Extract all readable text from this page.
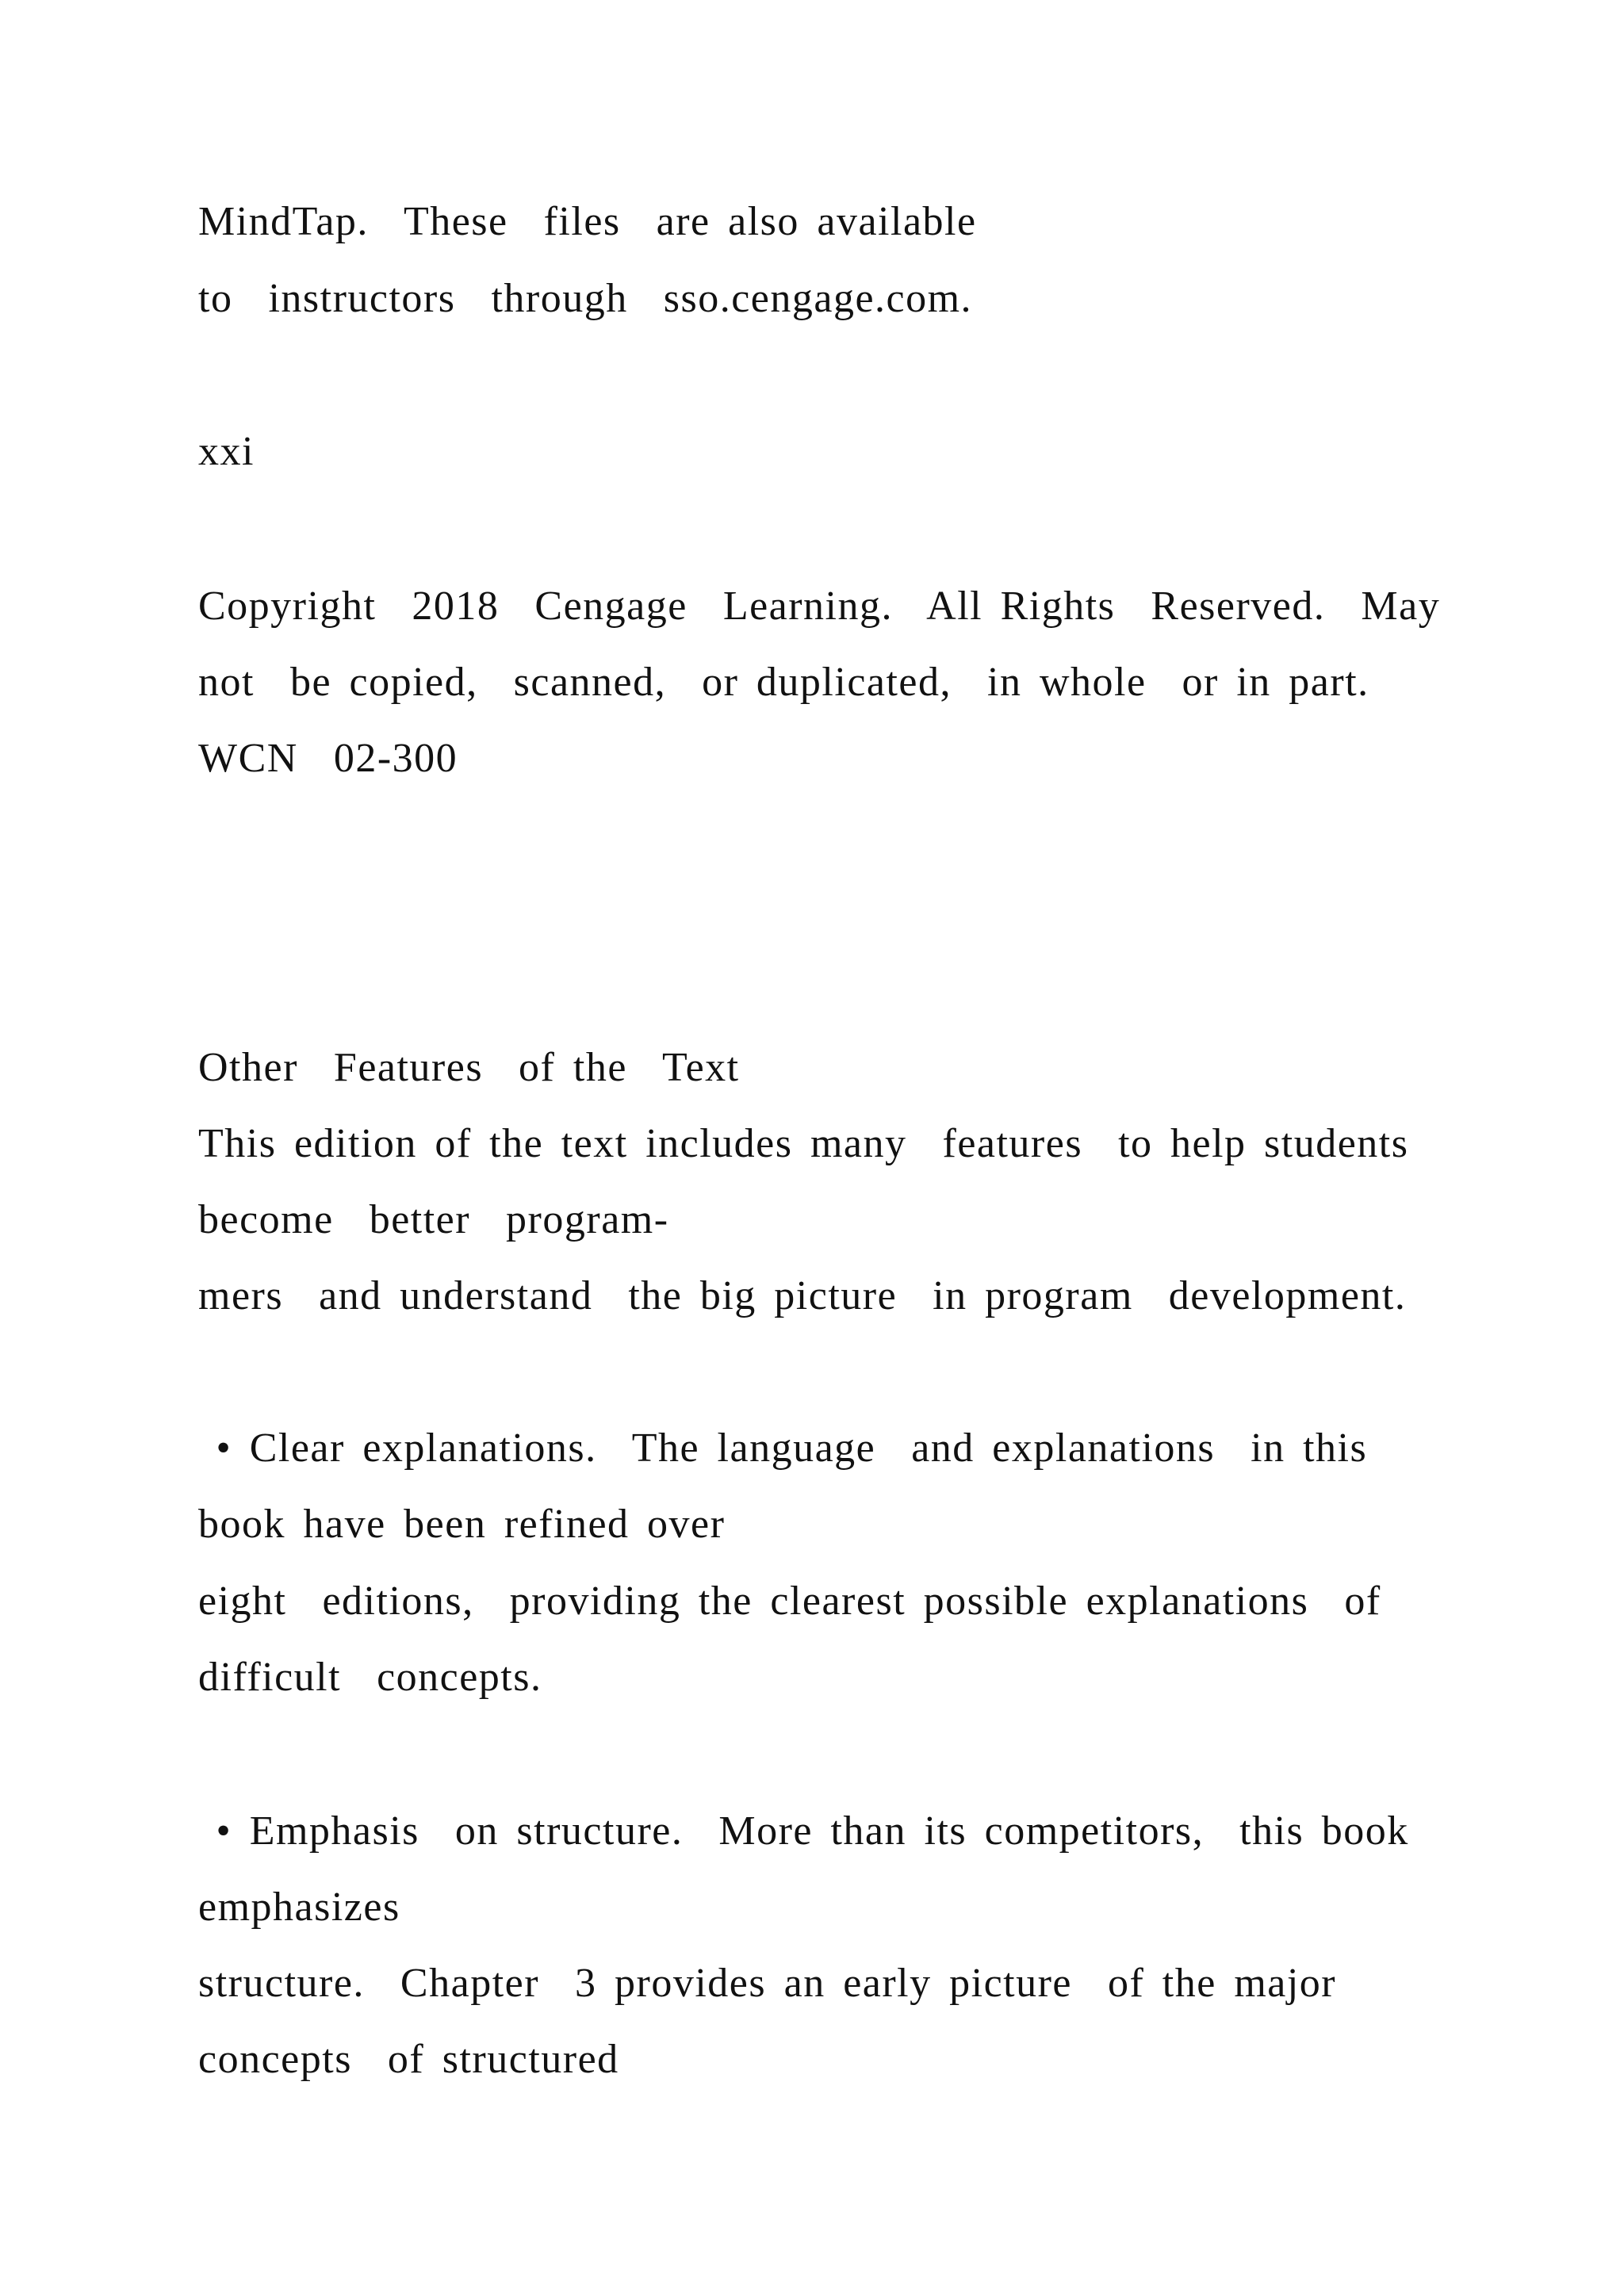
MindTap.  These  files  are also available
to  instructors  through  sso.cengage.com.
xxi
Copyright  2018  Cengage  Learning.  All Rights  Reserved.  May
not  be copied,  scanned,  or duplicated,  in whole  or in part.
WCN  02-300
Other  Features  of the  Text
This edition of the text includes many  features  to help students
become  better  program-
mers  and understand  the big picture  in program  development.
• Clear explanations.  The language  and explanations  in this
book have been refined over
eight  editions,  providing the clearest possible explanations  of
difficult  concepts.
• Emphasis  on structure.  More than its competitors,  this book
emphasizes
structure.  Chapter  3 provides an early picture  of the major
concepts  of structured
